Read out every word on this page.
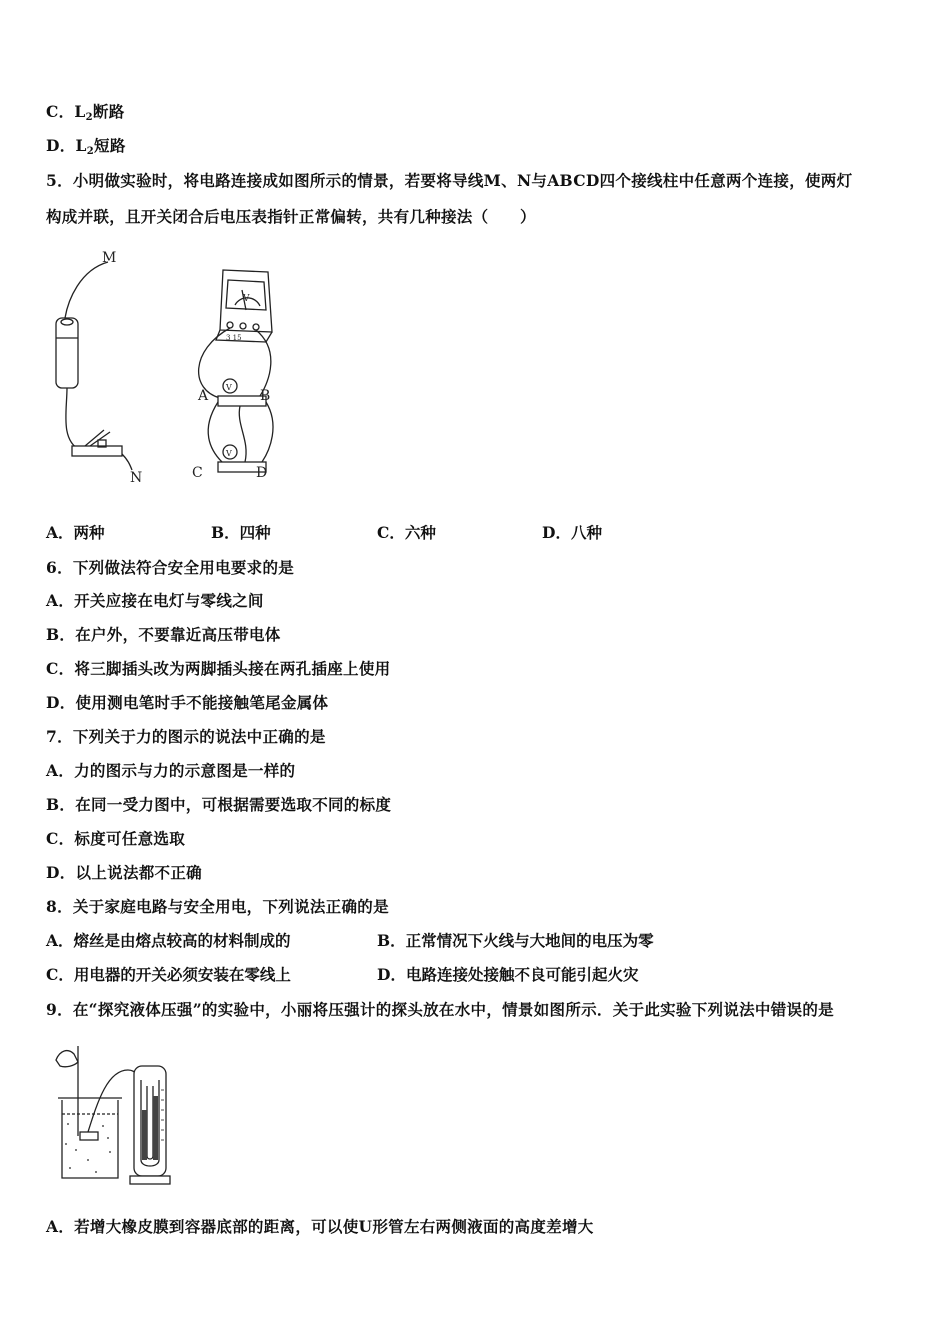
C．$L_2$断路
D．$L_2$短路
5．小明做实验时，将电路连接成如图所示的情景，若要将导线M、N与ABCD四个接线柱中任意两个连接，使两灯
构成并联，且开关闭合后电压表指针正常偏转，共有几种接法（　　）
V
V
M
N
A	B
C	D
V
3 15
A．两种	B．四种	C．六种	D．八种
6．下列做法符合安全用电要求的是
A．开关应接在电灯与零线之间
B．在户外，不要靠近高压带电体
C．将三脚插头改为两脚插头接在两孔插座上使用
D．使用测电笔时手不能接触笔尾金属体
7．下列关于力的图示的说法中正确的是
A．力的图示与力的示意图是一样的
B．在同一受力图中，可根据需要选取不同的标度
C．标度可任意选取
D．以上说法都不正确
8．关于家庭电路与安全用电，下列说法正确的是
A．熔丝是由熔点较高的材料制成的	B．正常情况下火线与大地间的电压为零
C．用电器的开关必须安装在零线上	D．电路连接处接触不良可能引起火灾
9．在“探究液体压强”的实验中，小丽将压强计的探头放在水中，情景如图所示．关于此实验下列说法中错误的是
A．若增大橡皮膜到容器底部的距离，可以使U形管左右两侧液面的高度差增大
